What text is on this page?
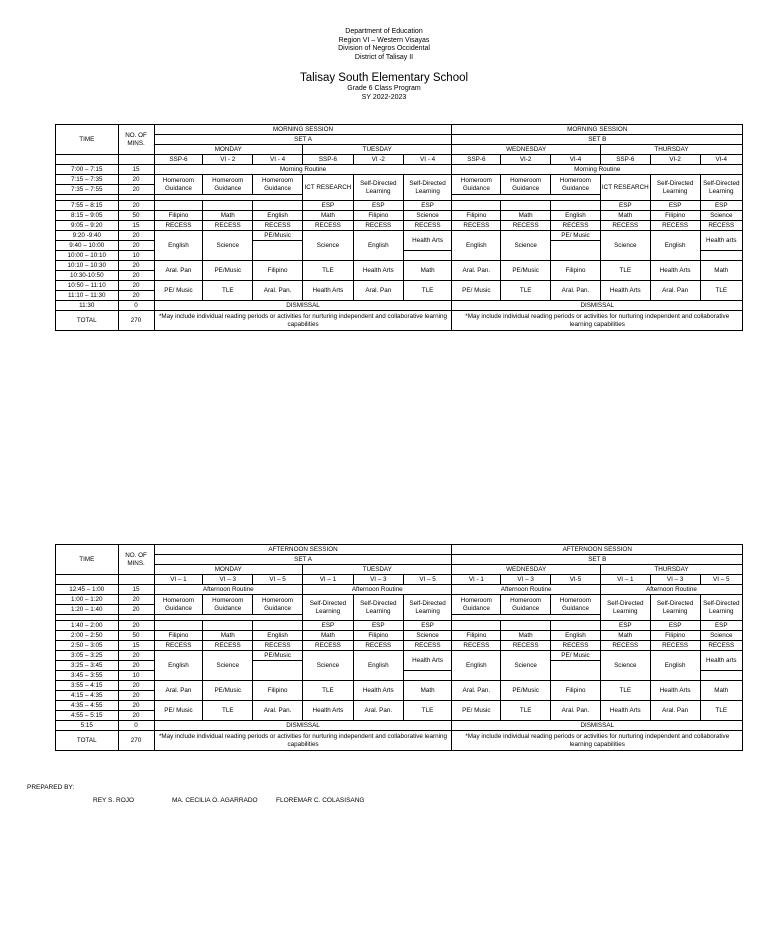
Department of Education
Region VI – Western Visayas
Division of Negros Occidental
District of Talisay II
Talisay South Elementary School
Grade 6 Class Program
SY 2022-2023
TIME	NO. OF MINS.	MORNING SESSION						MORNING SESSION					
		SET A						SET B					
		MONDAY			TUESDAY			WEDNESDAY			THURSDAY		
		SSP-6	VI - 2	VI - 4	SSP-6	VI -2	VI - 4	SSP-6	VI-2	VI-4	SSP-6	VI-2	VI-4
7:00 – 7:15	15	Morning Routine						Morning Routine					
7:15 – 7:35	20	Homeroom Guidance	Homeroom Guidance	Homeroom Guidance	ICT RESEARCH	Self-Directed Learning	Self-Directed Learning	Homeroom Guidance	Homeroom Guidance	Homeroom Guidance	ICT RESEARCH	Self-Directed Learning	Self-Directed Learning
7:35 – 7:55	20												

7:55 – 8:15	20				ESP	ESP	ESP				ESP	ESP	ESP
8:15 – 9:05	50	Filipino	Math	English	Math	Filipino	Science	Filipino	Math	English	Math	Filipino	Science
9:05 – 9:20	15	RECESS	RECESS	RECESS	RECESS	RECESS	RECESS	RECESS	RECESS	RECESS	RECESS	RECESS	RECESS
9:20 -9:40	20	English	Science	PE/Music	Science	English	Health Arts	English	Science	PE/ Music	Science	English	Health arts
9:40 – 10:00	20												
10:00 – 10:10	10												
10:10 – 10:30	20	Aral. Pan	PE/Music	Filipino	TLE	Health Arts	Math	Aral. Pan.	PE/Music	Filipino	TLE	Health Arts	Math
10:30-10:50	20												
10:50 – 11:10	20	PE/ Music	TLE	Aral. Pan.	Health Arts	Aral. Pan	TLE	PE/ Music	TLE	Aral. Pan.	Health Arts	Aral. Pan	TLE
11:10 – 11:30	20												
11:30	0	DISMISSAL						DISMISSAL					
TOTAL	270	*May include individual reading periods or activities for nurturing independent and collaborative learning capabilities						*May include individual reading periods or activities for nurturing independent and collaborative learning capabilities					
TIME	NO. OF MINS.	AFTERNOON SESSION						AFTERNOON SESSION					
		SET A						SET B					
		MONDAY			TUESDAY			WEDNESDAY			THURSDAY		
		VI – 1	VI – 3	VI – 5	VI – 1	VI – 3	VI – 5	VI - 1	VI – 3	VI-5	VI – 1	VI – 3	VI – 5
12:45 – 1:00	15	Afternoon Routine			Afternoon Routine			Afternoon Routine			Afternoon Routine		
1:00 – 1:20	20	Homeroom Guidance	Homeroom Guidance	Homeroom Guidance	Self-Directed Learning	Self-Directed Learning	Self-Directed Learning	Homeroom Guidance	Homeroom Guidance	Homeroom Guidance	Self-Directed Learning	Self-Directed Learning	Self-Directed Learning
1:20 – 1:40	20												

1:40 – 2:00	20				ESP	ESP	ESP				ESP	ESP	ESP
2:00 – 2:50	50	Filipino	Math	English	Math	Filipino	Science	Filipino	Math	English	Math	Filipino	Science
2:50 – 3:05	15	RECESS	RECESS	RECESS	RECESS	RECESS	RECESS	RECESS	RECESS	RECESS	RECESS	RECESS	RECESS
3:05 – 3:25	20	English	Science	PE/Music	Science	English	Health Arts	English	Science	PE/ Music	Science	English	Health arts
3:25 – 3:45	20												
3:45 – 3:55	10												
3:55 – 4:15	20	Aral. Pan	PE/Music	Filipino	TLE	Health Arts	Math	Aral. Pan.	PE/Music	Filipino	TLE	Health Arts	Math
4:15 – 4:35	20												
4:35 – 4:55	20	PE/ Music	TLE	Aral. Pan.	Health Arts	Aral. Pan.	TLE	PE/ Music	TLE	Aral. Pan.	Health Arts	Aral. Pan	TLE
4:55 – 5:15	20												
5:15	0	DISMISSAL						DISMISSAL					
TOTAL	270	*May include individual reading periods or activities for nurturing independent and collaborative learning capabilities						*May include individual reading periods or activities for nurturing independent and collaborative learning capabilities					
PREPARED BY:
REY S. ROJO	MA. CECILIA O. AGARRADO	FLOREMAR C. COLASISANG
